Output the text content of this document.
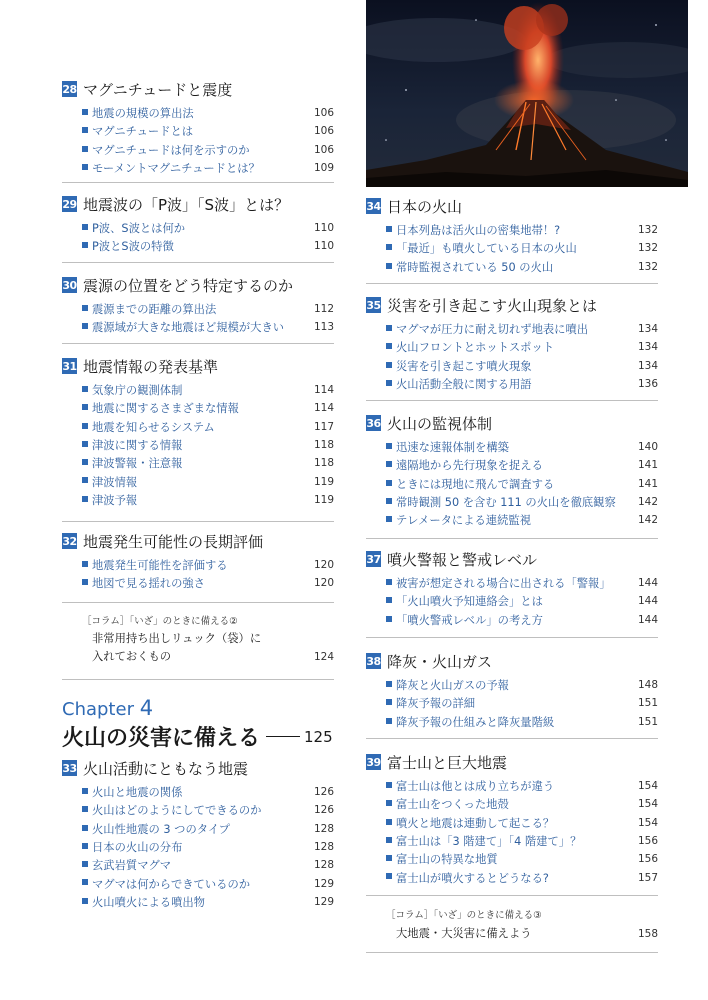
28 マグニチュードと震度
地震の規模の算出法	106
マグニチュードとは	106
マグニチュードは何を示すのか	106
モーメントマグニチュードとは？	109
29 地震波の「P波」「S波」とは？
P波、S波とは何か	110
P波とS波の特徴	110
30 震源の位置をどう特定するのか
震源までの距離の算出法	112
震源域が大きな地震ほど規模が大きい	113
31 地震情報の発表基準
気象庁の観測体制	114
地震に関するさまざまな情報	114
地震を知らせるシステム	117
津波に関する情報	118
津波警報・注意報	118
津波情報	119
津波予報	119
32 地震発生可能性の長期評価
地震発生可能性を評価する	120
地図で見る揺れの強さ	120
［コラム］「いざ」のときに備える②
非常用持ち出しリュック（袋）に
入れておくもの	124
Chapter 4
火山の災害に備える	125
33 火山活動にともなう地震
火山と地震の関係	126
火山はどのようにしてできるのか	126
火山性地震の 3 つのタイプ	128
日本の火山の分布	128
玄武岩質マグマ	128
マグマは何からできているのか	129
火山噴火による噴出物	129
34 日本の火山
日本列島は活火山の密集地帯！?	132
「最近」も噴火している日本の火山	132
常時監視されている 50 の火山	132
35 災害を引き起こす火山現象とは
マグマが圧力に耐え切れず地表に噴出	134
火山フロントとホットスポット	134
災害を引き起こす噴火現象	134
火山活動全般に関する用語	136
36 火山の監視体制
迅速な速報体制を構築	140
遠隔地から先行現象を捉える	141
ときには現地に飛んで調査する	141
常時観測 50 を含む 111 の火山を徹底観察	142
テレメータによる連続監視	142
37 噴火警報と警戒レベル
被害が想定される場合に出される「警報」	144
「火山噴火予知連絡会」とは	144
「噴火警戒レベル」の考え方	144
38 降灰・火山ガス
降灰と火山ガスの予報	148
降灰予報の詳細	151
降灰予報の仕組みと降灰量階級	151
39 富士山と巨大地震
富士山は他とは成り立ちが違う	154
富士山をつくった地殻	154
噴火と地震は連動して起こる？	154
富士山は「3 階建て」「4 階建て」？	156
富士山の特異な地質	156
富士山が噴火するとどうなる?	157
［コラム］「いざ」のときに備える③
大地震・大災害に備えよう	158
